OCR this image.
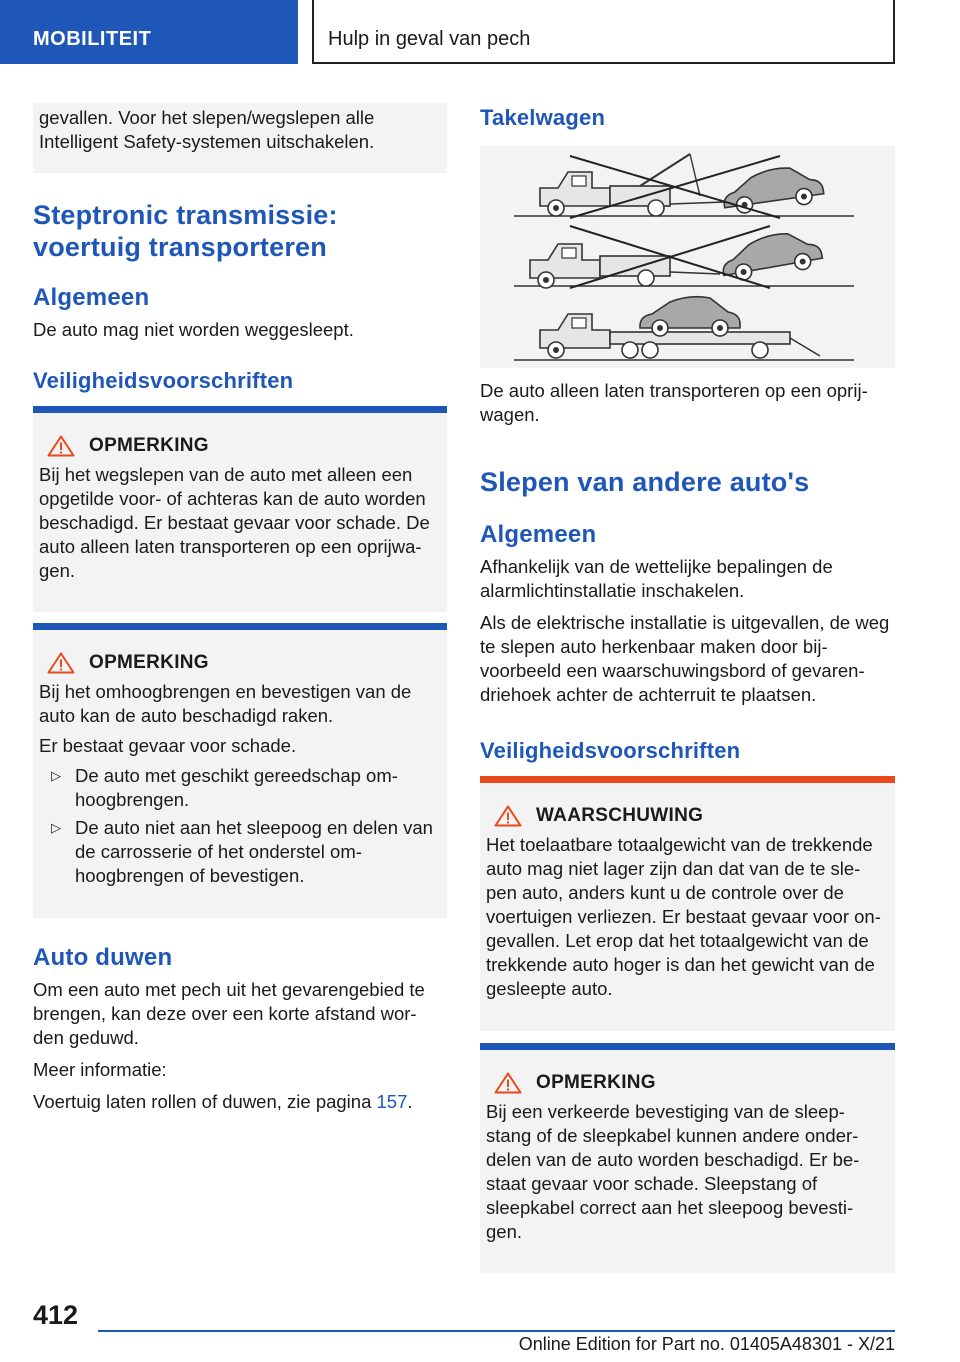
MOBILITEIT	Hulp in geval van pech

gevallen. Voor het slepen/wegslepen alle Intelligent Safety-systemen uitschakelen.

Steptronic transmissie: voertuig transporteren
Algemeen

De auto mag niet worden weggesleept.

Veiligheidsvoorschriften
OPMERKING

Bij het wegslepen van de auto met alleen een opgetilde voor- of achteras kan de auto worden beschadigd. Er bestaat gevaar voor schade. De auto alleen laten transporteren op een oprijwa-gen.

OPMERKING

Bij het omhoogbrengen en bevestigen van de auto kan de auto beschadigd raken.

Er bestaat gevaar voor schade.

▷ De auto met geschikt gereedschap om-hoogbrengen.
▷ De auto niet aan het sleepoog en delen van de carrosserie of het onderstel om-hoogbrengen of bevestigen.
Auto duwen

Om een auto met pech uit het gevarengebied te brengen, kan deze over een korte afstand wor-den geduwd.

Meer informatie:

Voertuig laten rollen of duwen, zie pagina 157.

Takelwagen

De auto alleen laten transporteren op een oprij-wagen.

Slepen van andere auto's
Algemeen

Afhankelijk van de wettelijke bepalingen de alarmlichtinstallatie inschakelen.

Als de elektrische installatie is uitgevallen, de weg te slepen auto herkenbaar maken door bij-voorbeeld een waarschuwingsbord of gevaren-driehoek achter de achterruit te plaatsen.

Veiligheidsvoorschriften
WAARSCHUWING

Het toelaatbare totaalgewicht van de trekkende auto mag niet lager zijn dan dat van de te sle-pen auto, anders kunt u de controle over de voertuigen verliezen. Er bestaat gevaar voor on-gevallen. Let erop dat het totaalgewicht van de trekkende auto hoger is dan het gewicht van de gesleepte auto.

OPMERKING

Bij een verkeerde bevestiging van de sleep-stang of de sleepkabel kunnen andere onder-delen van de auto worden beschadigd. Er be-staat gevaar voor schade. Sleepstang of sleepkabel correct aan het sleepoog bevesti-gen.

412
Online Edition for Part no. 01405A48301 - X/21
